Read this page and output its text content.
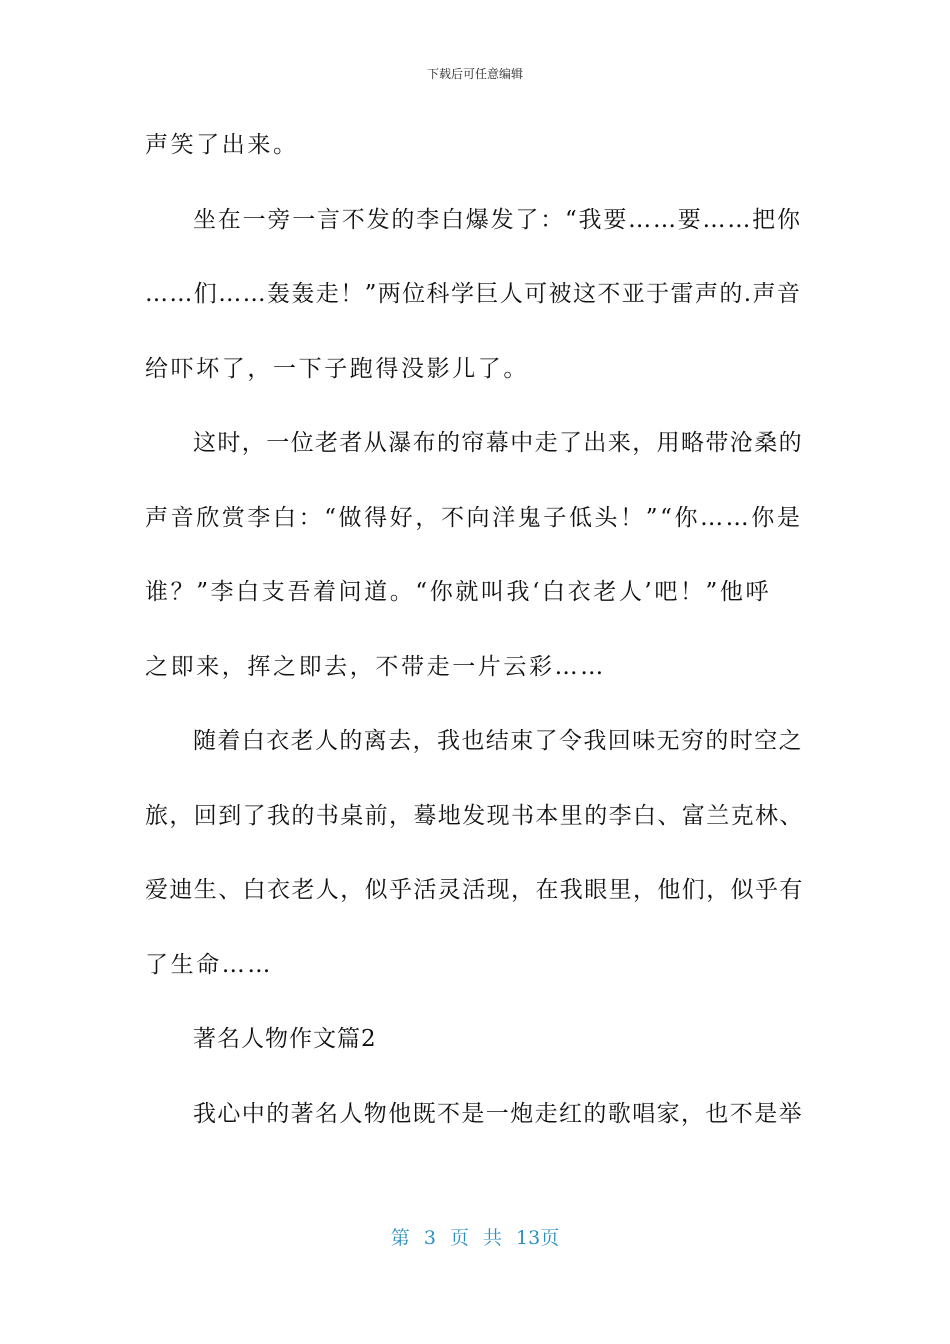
下载后可任意编辑
声笑了出来。
坐在一旁一言不发的李白爆发了：“我要……要……把你
……们……轰轰走！”两位科学巨人可被这不亚于雷声的.声音
给吓坏了，一下子跑得没影儿了。
这时，一位老者从瀑布的帘幕中走了出来，用略带沧桑的
声音欣赏李白：“做得好，不向洋鬼子低头！”“你……你是
谁？”李白支吾着问道。“你就叫我‘白衣老人’吧！”他呼
之即来，挥之即去，不带走一片云彩……
随着白衣老人的离去，我也结束了令我回味无穷的时空之
旅，回到了我的书桌前，蓦地发现书本里的李白、富兰克林、
爱迪生、白衣老人，似乎活灵活现，在我眼里，他们，似乎有
了生命……
著名人物作文篇2
我心中的著名人物他既不是一炮走红的歌唱家，也不是举
第 3 页 共 13页
